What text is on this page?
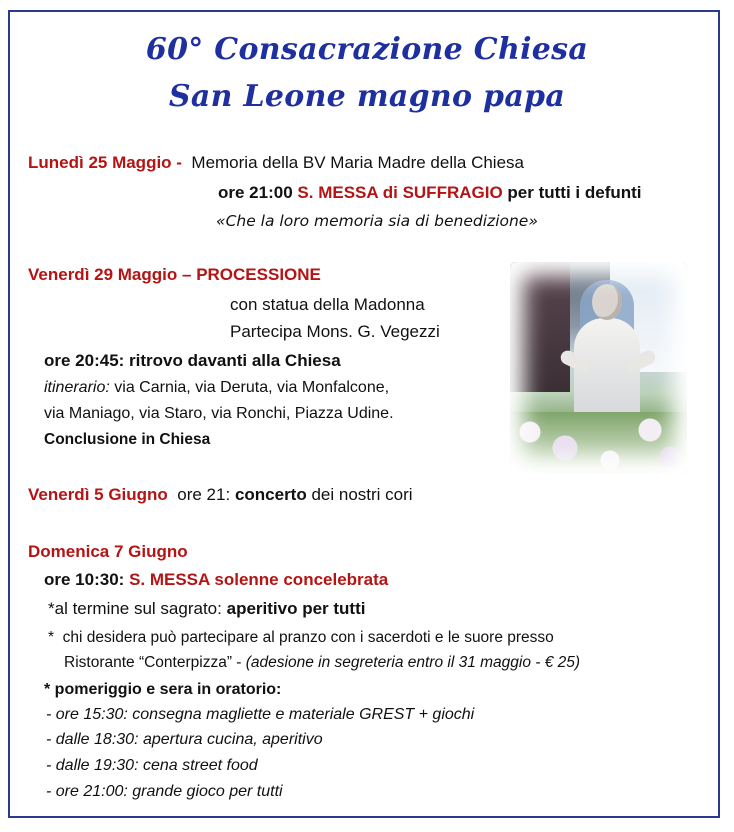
60° Consacrazione Chiesa
San Leone magno papa
Lunedì 25 Maggio - Memoria della BV Maria Madre della Chiesa
ore 21:00 S. MESSA di SUFFRAGIO per tutti i defunti
«Che la loro memoria sia di benedizione»
Venerdì 29 Maggio – PROCESSIONE
con statua della Madonna
Partecipa Mons. G. Vegezzi
ore 20:45: ritrovo davanti alla Chiesa
itinerario: via Carnia, via Deruta, via Monfalcone,
via Maniago, via Staro, via Ronchi, Piazza Udine.
Conclusione in Chiesa
Venerdì 5 Giugno ore 21: concerto dei nostri cori
Domenica 7 Giugno
ore 10:30: S. MESSA solenne concelebrata
*al termine sul sagrato: aperitivo per tutti
* chi desidera può partecipare al pranzo con i sacerdoti e le suore presso
Ristorante “Conterpizza” - (adesione in segreteria entro il 31 maggio - € 25)
* pomeriggio e sera in oratorio:
- ore 15:30: consegna magliette e materiale GREST + giochi
- dalle 18:30: apertura cucina, aperitivo
- dalle 19:30: cena street food
- ore 21:00: grande gioco per tutti
